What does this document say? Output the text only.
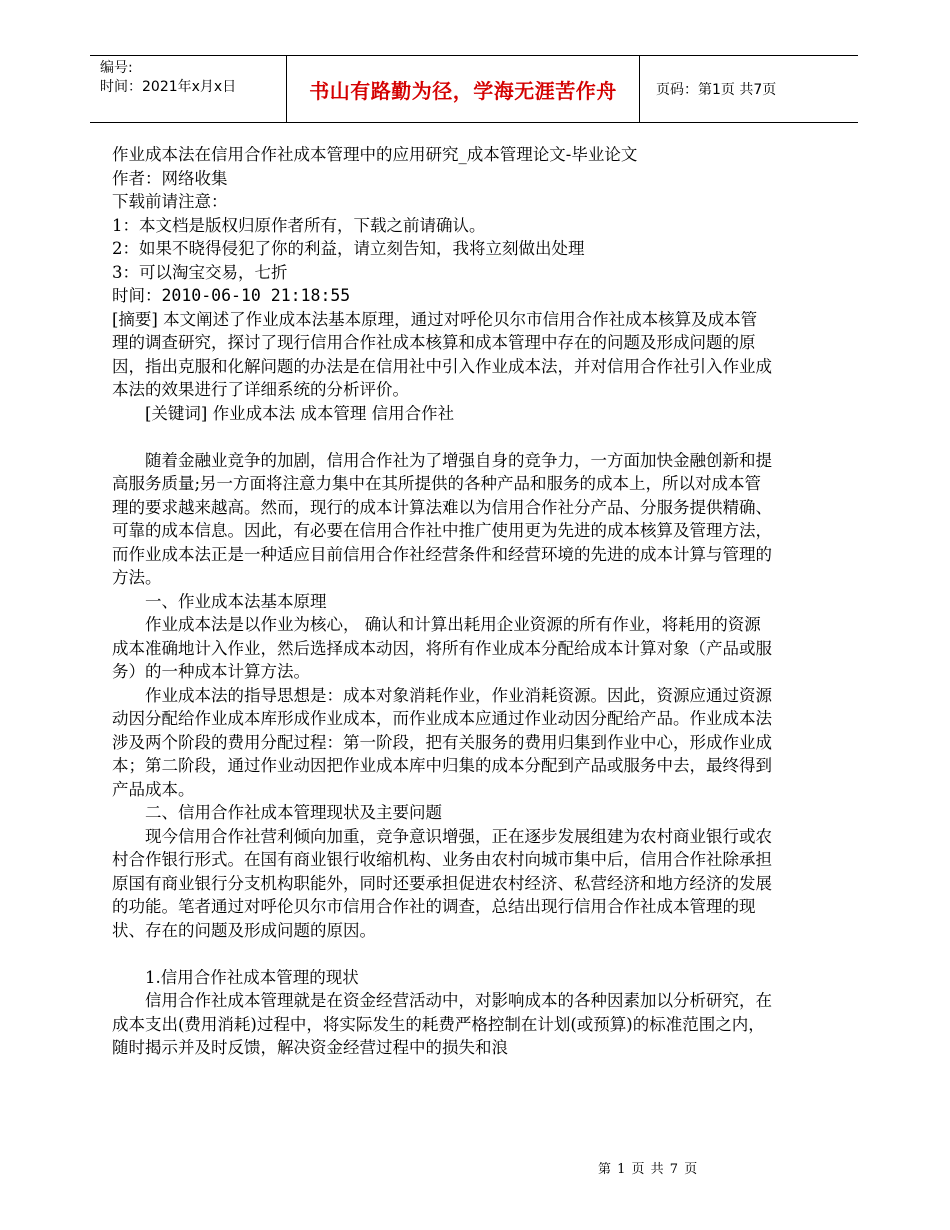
编号:
时间：2021年x月x日	书山有路勤为径，学海无涯苦作舟	页码：第1页 共7页

作业成本法在信用合作社成本管理中的应用研究_成本管理论文-毕业论文

作者：网络收集

下载前请注意：

1：本文档是版权归原作者所有，下载之前请确认。

2：如果不晓得侵犯了你的利益，请立刻告知，我将立刻做出处理

3：可以淘宝交易，七折

时间：2010-06-10 21:18:55

[摘要] 本文阐述了作业成本法基本原理，通过对呼伦贝尔市信用合作社成本核算及成本管理的调查研究，探讨了现行信用合作社成本核算和成本管理中存在的问题及形成问题的原因，指出克服和化解问题的办法是在信用社中引入作业成本法，并对信用合作社引入作业成本法的效果进行了详细系统的分析评价。

[关键词] 作业成本法 成本管理 信用合作社

随着金融业竞争的加剧，信用合作社为了增强自身的竞争力，一方面加快金融创新和提高服务质量;另一方面将注意力集中在其所提供的各种产品和服务的成本上，所以对成本管理的要求越来越高。然而，现行的成本计算法难以为信用合作社分产品、分服务提供精确、可靠的成本信息。因此，有必要在信用合作社中推广使用更为先进的成本核算及管理方法，而作业成本法正是一种适应目前信用合作社经营条件和经营环境的先进的成本计算与管理的方法。

一、作业成本法基本原理

作业成本法是以作业为核心， 确认和计算出耗用企业资源的所有作业，将耗用的资源成本准确地计入作业，然后选择成本动因，将所有作业成本分配给成本计算对象（产品或服务）的一种成本计算方法。

作业成本法的指导思想是：成本对象消耗作业，作业消耗资源。因此，资源应通过资源动因分配给作业成本库形成作业成本，而作业成本应通过作业动因分配给产品。作业成本法涉及两个阶段的费用分配过程：第一阶段，把有关服务的费用归集到作业中心，形成作业成本；第二阶段，通过作业动因把作业成本库中归集的成本分配到产品或服务中去，最终得到产品成本。

二、信用合作社成本管理现状及主要问题

现今信用合作社营利倾向加重，竞争意识增强，正在逐步发展组建为农村商业银行或农村合作银行形式。在国有商业银行收缩机构、业务由农村向城市集中后，信用合作社除承担原国有商业银行分支机构职能外，同时还要承担促进农村经济、私营经济和地方经济的发展的功能。笔者通过对呼伦贝尔市信用合作社的调查，总结出现行信用合作社成本管理的现状、存在的问题及形成问题的原因。

1.信用合作社成本管理的现状

信用合作社成本管理就是在资金经营活动中，对影响成本的各种因素加以分析研究，在成本支出(费用消耗)过程中，将实际发生的耗费严格控制在计划(或预算)的标准范围之内，随时揭示并及时反馈，解决资金经营过程中的损失和浪

第 1 页 共 7 页
